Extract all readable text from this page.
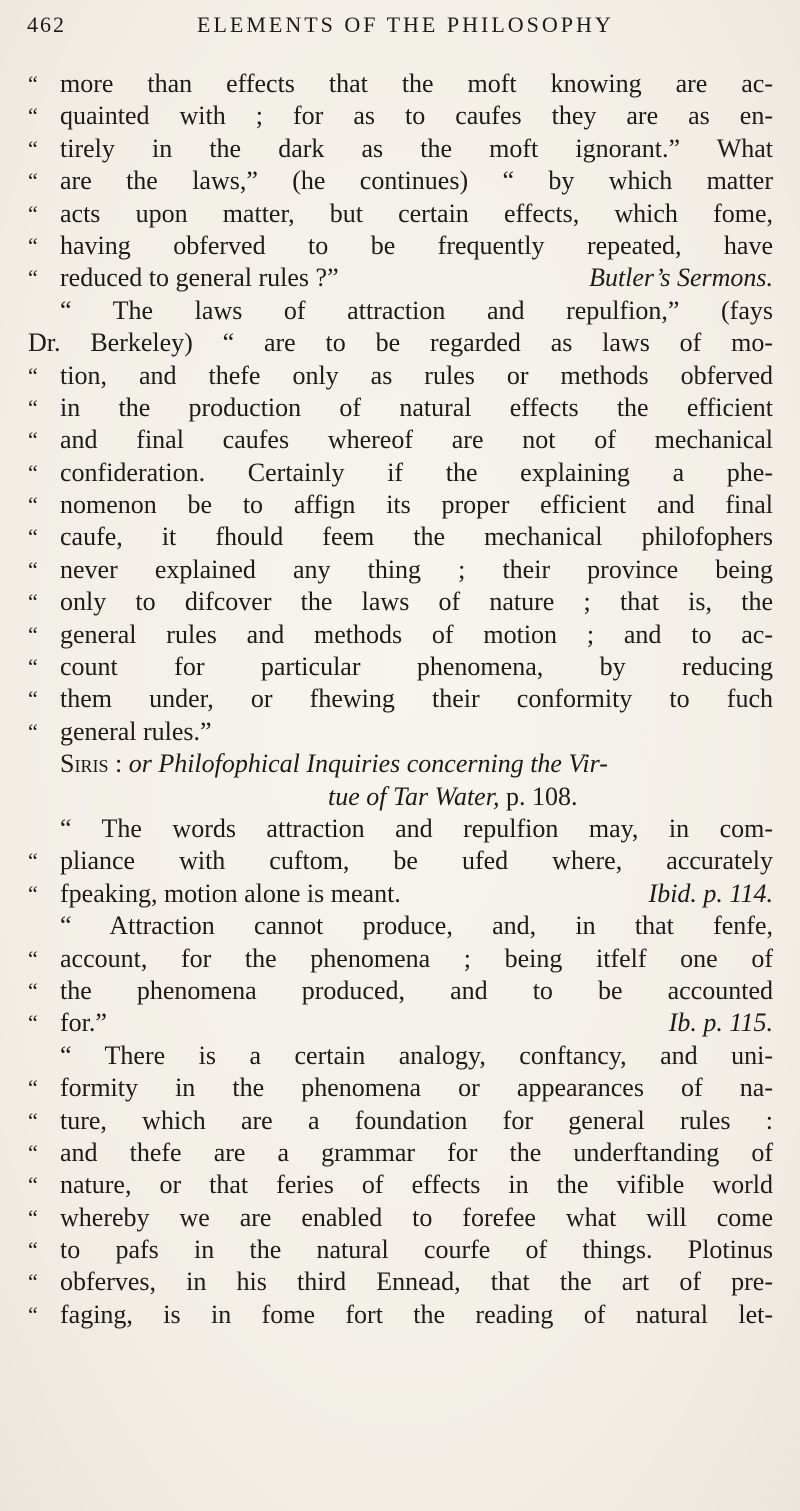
462	ELEMENTS OF THE PHILOSOPHY
“ more than effects that the moft knowing are ac-
“ quainted with ; for as to caufes they are as en-
“ tirely in the dark as the moft ignorant.” What
“ are the laws,” (he continues) “ by which matter
“ acts upon matter, but certain effects, which fome,
“ having obferved to be frequently repeated, have
“ reduced to general rules ?”	Butler’s Sermons.
“ The laws of attraction and repulfion,” (fays
Dr. Berkeley) “ are to be regarded as laws of mo-
“ tion, and thefe only as rules or methods obferved
“ in the production of natural effects the efficient
“ and final caufes whereof are not of mechanical
“ confideration. Certainly if the explaining a phe-
“ nomenon be to affign its proper efficient and final
“ caufe, it fhould feem the mechanical philofophers
“ never explained any thing ; their province being
“ only to difcover the laws of nature ; that is, the
“ general rules and methods of motion ; and to ac-
“ count for particular phenomena, by reducing
“ them under, or fhewing their conformity to fuch
“ general rules.”
Siris :
or Philofophical Inquiries concerning the Vir-
tue of Tar Water,
p. 108.
“ The words attraction and repulfion may, in com-
“ pliance with cuftom, be ufed where, accurately
“ fpeaking, motion alone is meant.	Ibid. p. 114.
“ Attraction cannot produce, and, in that fenfe,
“ account, for the phenomena ; being itfelf one of
“ the phenomena produced, and to be accounted
“ for.”	Ib. p. 115.
“ There is a certain analogy, conftancy, and uni-
“ formity in the phenomena or appearances of na-
“ ture, which are a foundation for general rules :
“ and thefe are a grammar for the underftanding of
“ nature, or that feries of effects in the vifible world
“ whereby we are enabled to forefee what will come
“ to pafs in the natural courfe of things. Plotinus
“ obferves, in his third Ennead, that the art of pre-
“ faging, is in fome fort the reading of natural let-
